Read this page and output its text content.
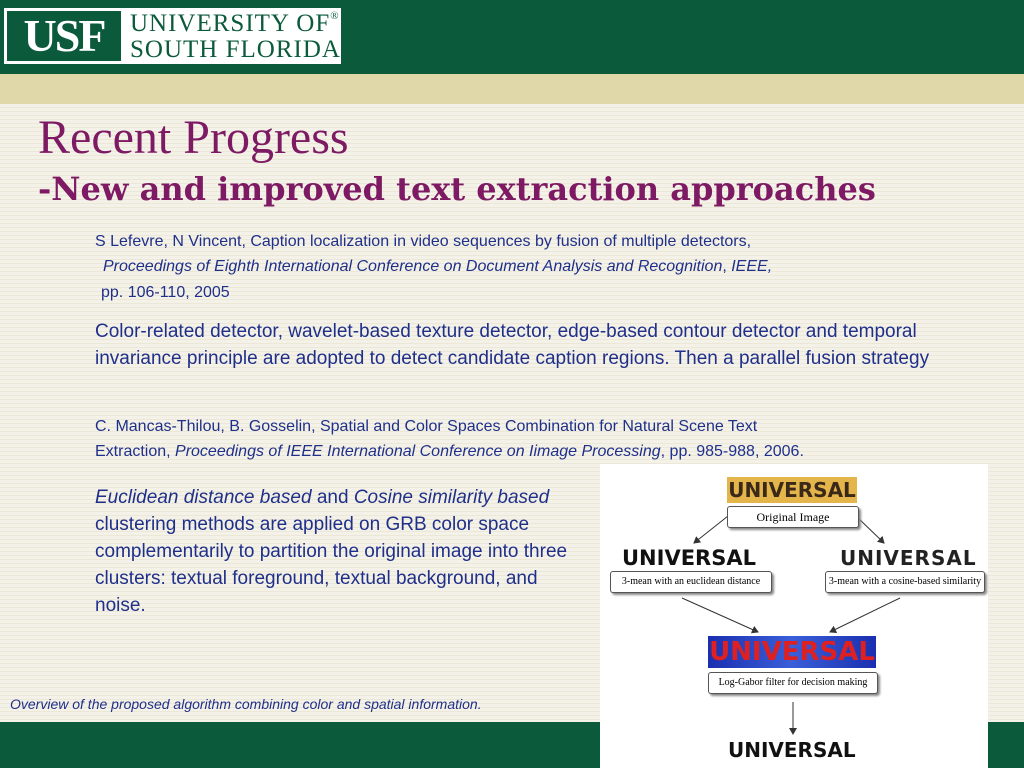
USF	UNIVERSITY OF®
SOUTH FLORIDA
Recent Progress
-New and improved text extraction approaches
S Lefevre, N Vincent, Caption localization in video sequences by fusion of multiple detectors,
Proceedings of Eighth International Conference on Document Analysis and Recognition, IEEE,
pp. 106-110, 2005

Color-related detector, wavelet-based texture detector, edge-based contour detector and temporal invariance principle are adopted to detect candidate caption regions. Then a parallel fusion strategy

C. Mancas-Thilou, B. Gosselin, Spatial and Color Spaces Combination for Natural Scene Text
Extraction, Proceedings of IEEE International Conference on Iimage Processing, pp. 985-988, 2006.

Euclidean distance based and Cosine similarity based clustering methods are applied on GRB color space complementarily to partition the original image into three clusters: textual foreground, textual background, and noise.

Overview of the proposed algorithm combining color and spatial information.
UNIVERSAL
Original Image
UNIVERSAL	UNIVERSAL
3-mean with an euclidean distance	3-mean with a cosine-based similarity
UNIVERSAL
Log-Gabor filter for decision making
UNIVERSAL
